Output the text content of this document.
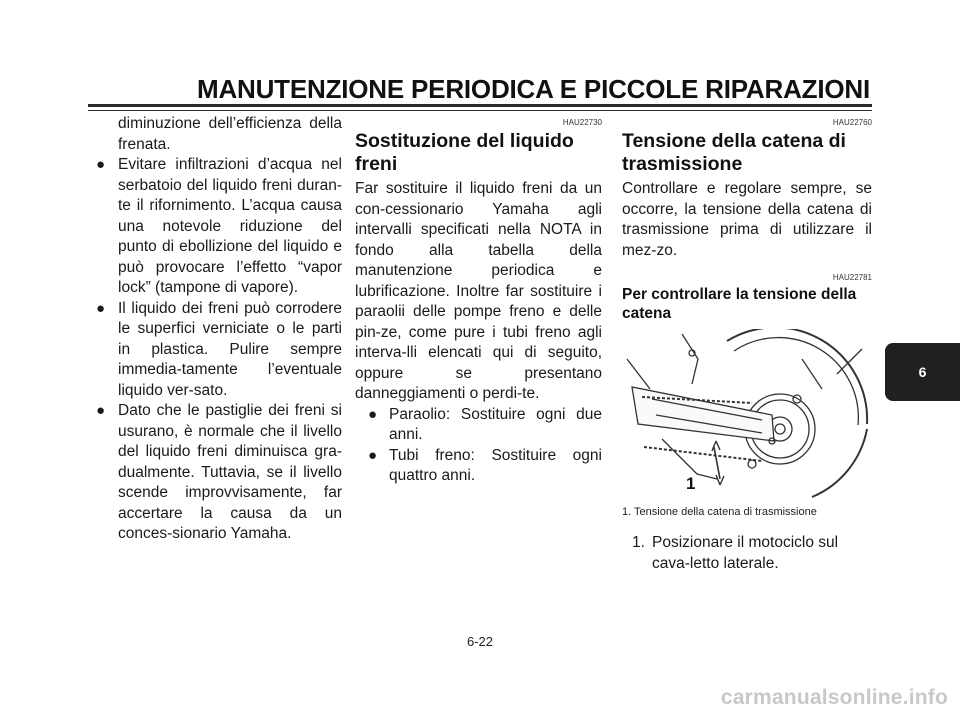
MANUTENZIONE PERIODICA E PICCOLE RIPARAZIONI

diminuzione dell’efficienza della frenata.

● Evitare infiltrazioni d’acqua nel serbatoio del liquido freni duran-te il rifornimento. L’acqua causa una notevole riduzione del punto di ebollizione del liquido e può provocare l’effetto “vapor lock” (tampone di vapore).

● Il liquido dei freni può corrodere le superfici verniciate o le parti in plastica. Pulire sempre immedia-tamente l’eventuale liquido ver-sato.

● Dato che le pastiglie dei freni si usurano, è normale che il livello del liquido freni diminuisca gra-dualmente. Tuttavia, se il livello scende improvvisamente, far accertare la causa da un conces-sionario Yamaha.

HAU22730

Sostituzione del liquido freni

Far sostituire il liquido freni da un con-cessionario Yamaha agli intervalli specificati nella NOTA in fondo alla tabella della manutenzione periodica e lubrificazione. Inoltre far sostituire i paraolii delle pompe freno e delle pin-ze, come pure i tubi freno agli interva-lli elencati qui di seguito, oppure se presentano danneggiamenti o perdi-te.

● Paraolio: Sostituire ogni due anni.

● Tubi freno: Sostituire ogni quattro anni.

HAU22760

Tensione della catena di trasmissione

Controllare e regolare sempre, se occorre, la tensione della catena di trasmissione prima di utilizzare il mez-zo.

HAU22781

Per controllare la tensione della catena

1

1. Tensione della catena di trasmissione

1. Posizionare il motociclo sul cava-letto laterale.

6
6-22
carmanualsonline.info
